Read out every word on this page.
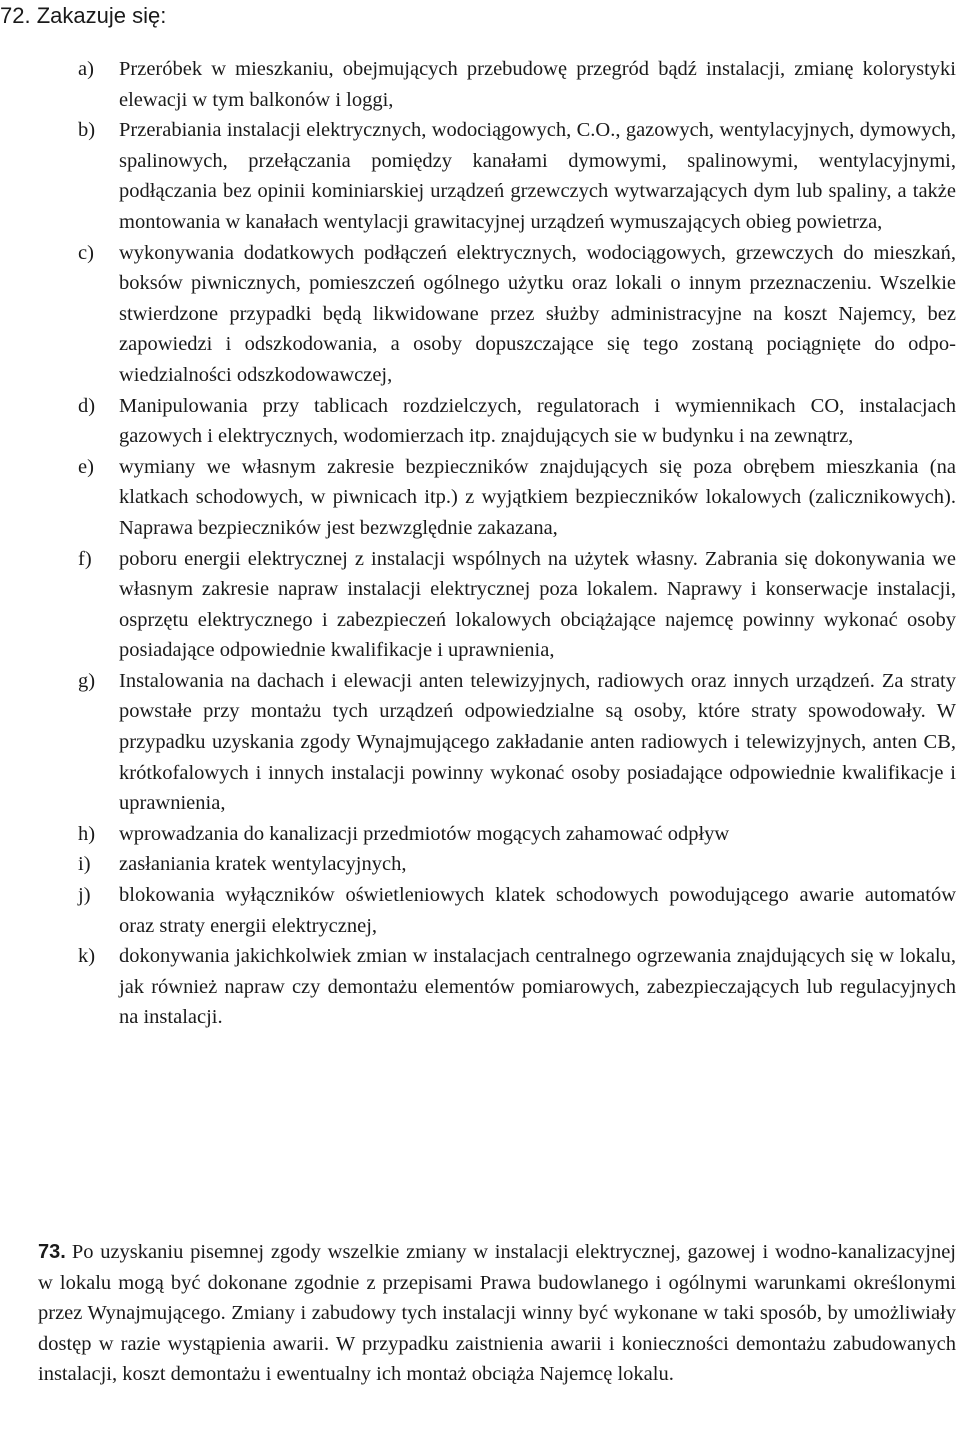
72. Zakazuje się:
a) Przeróbek w mieszkaniu, obejmujących przebudowę przegród bądź instalacji, zmianę kolorystyki elewacji w tym balkonów i loggi,
b) Przerabiania instalacji elektrycznych, wodociągowych, C.O., gazowych, wentylacyjnych, dymowych, spalinowych, przełączania pomiędzy kanałami dymowymi, spalinowymi, wentylacyjnymi, podłączania bez opinii kominiarskiej urządzeń grzewczych wytwarzających dym lub spaliny, a także montowania w kanałach wentylacji grawitacyjnej urządzeń wymuszających obieg powietrza,
c) wykonywania dodatkowych podłączeń elektrycznych, wodociągowych, grzewczych do mieszkań, boksów piwnicznych, pomieszczeń ogólnego użytku oraz lokali o innym przeznaczeniu. Wszelkie stwierdzone przypadki będą likwidowane przez służby administracyjne na koszt Najemcy, bez zapowiedzi i odszkodowania, a osoby dopuszczające się tego zostaną pociągnięte do odpowiedzialności odszkodowawczej,
d) Manipulowania przy tablicach rozdzielczych, regulatorach i wymiennikach CO, instalacjach gazowych i elektrycznych, wodomierzach itp. znajdujących sie w budynku i na zewnątrz,
e) wymiany we własnym zakresie bezpieczników znajdujących się poza obrębem mieszkania (na klatkach schodowych, w piwnicach itp.) z wyjątkiem bezpieczników lokalowych (zalicznikowych). Naprawa bezpieczników jest bezwzględnie zakazana,
f) poboru energii elektrycznej z instalacji wspólnych na użytek własny. Zabrania się dokonywania we własnym zakresie napraw instalacji elektrycznej poza lokalem. Naprawy i konserwacje instalacji, osprzętu elektrycznego i zabezpieczeń lokalowych obciążające najemcę powinny wykonać osoby posiadające odpowiednie kwalifikacje i uprawnienia,
g) Instalowania na dachach i elewacji anten telewizyjnych, radiowych oraz innych urządzeń. Za straty powstałe przy montażu tych urządzeń odpowiedzialne są osoby, które straty spowodowały. W przypadku uzyskania zgody Wynajmującego zakładanie anten radiowych i telewizyjnych, anten CB, krótkofalowych i innych instalacji powinny wykonać osoby posiadające odpowiednie kwalifikacje i uprawnienia,
h) wprowadzania do kanalizacji przedmiotów mogących zahamować odpływ
i) zasłaniania kratek wentylacyjnych,
j) blokowania wyłączników oświetleniowych klatek schodowych powodującego awarie automatów oraz straty energii elektrycznej,
k) dokonywania jakichkolwiek zmian w instalacjach centralnego ogrzewania znajdujących się w lokalu, jak również napraw czy demontażu elementów pomiarowych, zabezpieczających lub regulacyjnych na instalacji.

73. Po uzyskaniu pisemnej zgody wszelkie zmiany w instalacji elektrycznej, gazowej i wodno-kanalizacyjnej w lokalu mogą być dokonane zgodnie z przepisami Prawa budowlanego i ogólnymi warunkami określonymi przez Wynajmującego. Zmiany i zabudowy tych instalacji winny być wykonane w taki sposób, by umożliwiały dostęp w razie wystąpienia awarii. W przypadku zaistnienia awarii i konieczności demontażu zabudowanych instalacji, koszt demontażu i ewentualny ich montaż obciąża Najemcę lokalu.
